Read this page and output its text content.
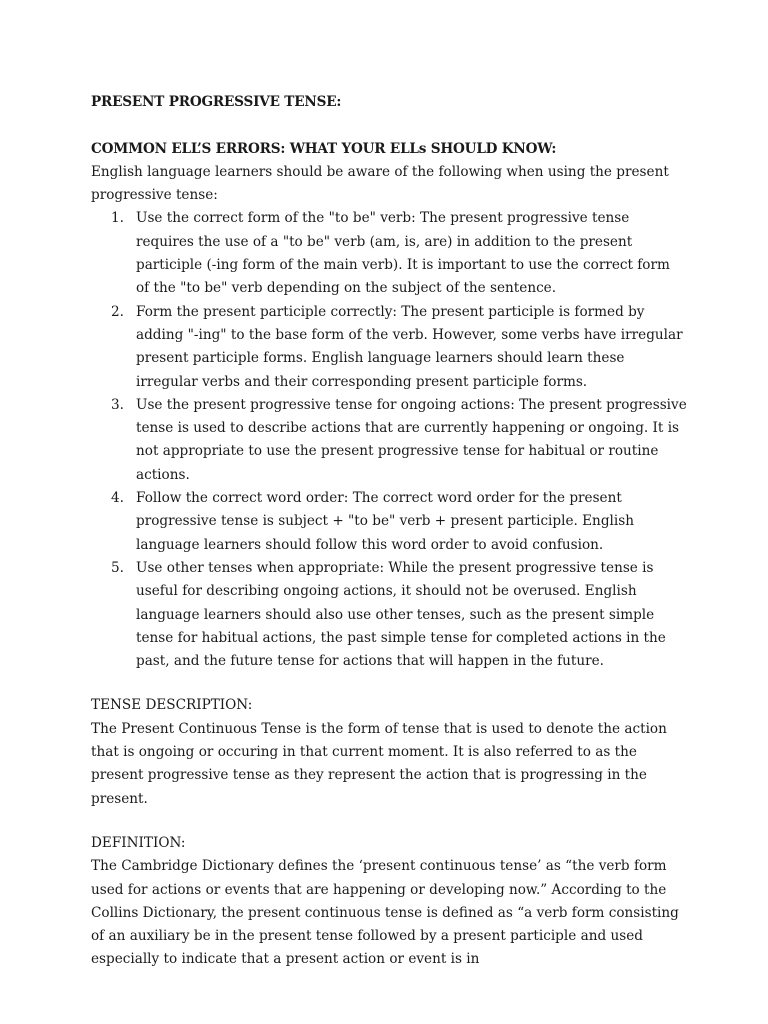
PRESENT PROGRESSIVE TENSE:

COMMON ELL’S ERRORS: WHAT YOUR ELLs SHOULD KNOW:

English language learners should be aware of the following when using the present progressive tense:

1. Use the correct form of the "to be" verb: The present progressive tense requires the use of a "to be" verb (am, is, are) in addition to the present participle (-ing form of the main verb). It is important to use the correct form of the "to be" verb depending on the subject of the sentence.
2. Form the present participle correctly: The present participle is formed by adding "-ing" to the base form of the verb. However, some verbs have irregular present participle forms. English language learners should learn these irregular verbs and their corresponding present participle forms.
3. Use the present progressive tense for ongoing actions: The present progressive tense is used to describe actions that are currently happening or ongoing. It is not appropriate to use the present progressive tense for habitual or routine actions.
4. Follow the correct word order: The correct word order for the present progressive tense is subject + "to be" verb + present participle. English language learners should follow this word order to avoid confusion.
5. Use other tenses when appropriate: While the present progressive tense is useful for describing ongoing actions, it should not be overused. English language learners should also use other tenses, such as the present simple tense for habitual actions, the past simple tense for completed actions in the past, and the future tense for actions that will happen in the future.

TENSE DESCRIPTION:

The Present Continuous Tense is the form of tense that is used to denote the action that is ongoing or occuring in that current moment. It is also referred to as the present progressive tense as they represent the action that is progressing in the present.

DEFINITION:

The Cambridge Dictionary defines the ‘present continuous tense’ as “the verb form used for actions or events that are happening or developing now.” According to the Collins Dictionary, the present continuous tense is defined as “a verb form consisting of an auxiliary be in the present tense followed by a present participle and used especially to indicate that a present action or event is in
